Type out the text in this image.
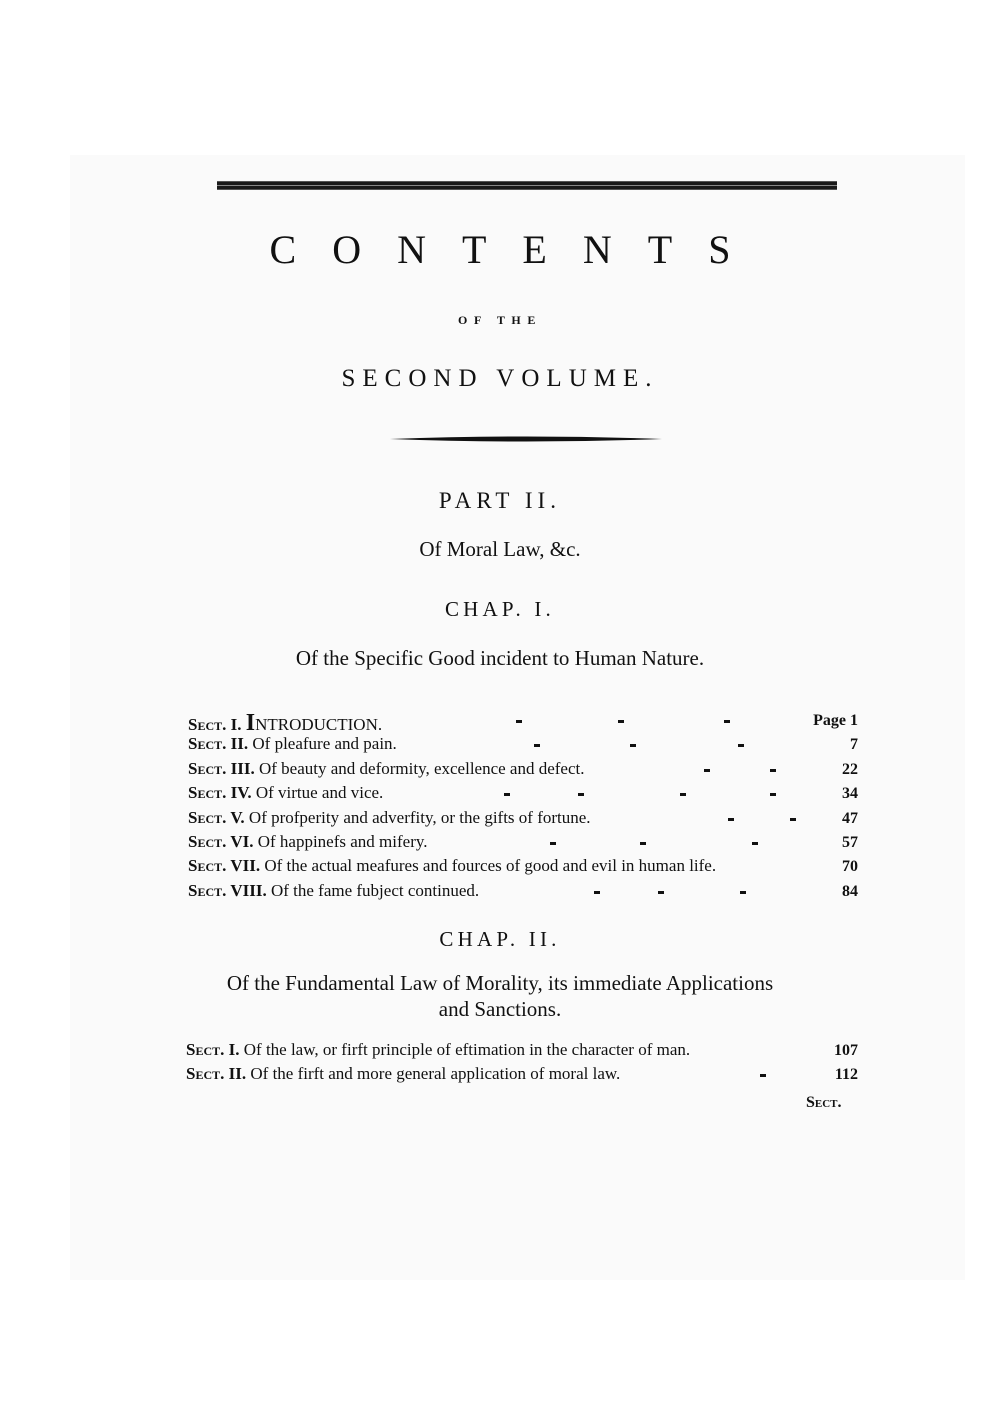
CONTENTS
OF THE
SECOND VOLUME.
PART II.
Of Moral Law, &c.
CHAP. I.
Of the Specific Good incident to Human Nature.
Sect. I. INTRODUCTION.	Page 1
Sect. II. Of pleafure and pain.	7
Sect. III. Of beauty and deformity, excellence and defect.	22
Sect. IV. Of virtue and vice.	34
Sect. V. Of profperity and adverfity, or the gifts of fortune.	47
Sect. VI. Of happinefs and mifery.	57
Sect. VII. Of the actual meafures and fources of good and evil in human life.	70
Sect. VIII. Of the fame fubject continued.	84
CHAP. II.
Of the Fundamental Law of Morality, its immediate Applications
and Sanctions.
Sect. I. Of the law, or firft principle of eftimation in the character of man.	107
Sect. II. Of the firft and more general application of moral law.	112
Sect.
